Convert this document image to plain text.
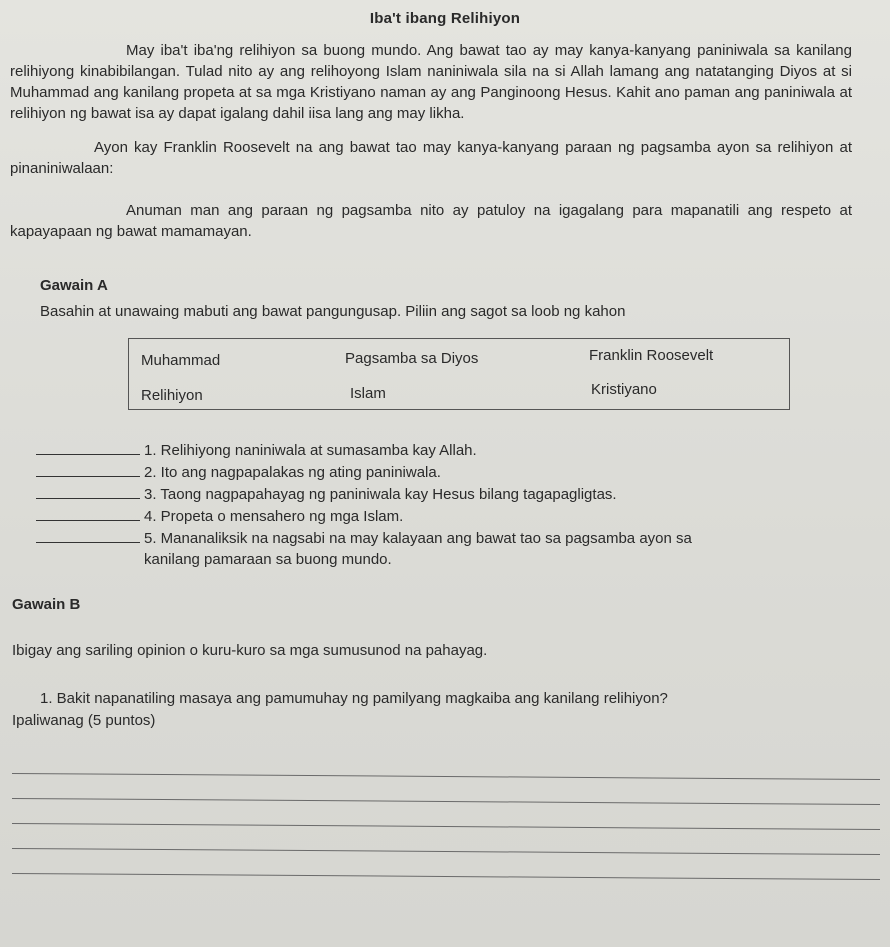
Iba't ibang Relihiyon
May iba't iba'ng relihiyon sa buong mundo. Ang bawat tao ay may kanya-kanyang paniniwala sa kanilang relihiyong kinabibilangan. Tulad nito ay ang relihoyong Islam naniniwala sila na si Allah lamang ang natatanging Diyos at si Muhammad ang kanilang propeta at sa mga Kristiyano naman ay ang Panginoong Hesus. Kahit ano paman ang paniniwala at relihiyon ng bawat isa ay dapat igalang dahil iisa lang ang may likha.
Ayon kay Franklin Roosevelt na ang bawat tao may kanya-kanyang paraan ng pagsamba ayon sa relihiyon at pinaniniwalaan:
Anuman man ang paraan ng pagsamba nito ay patuloy na igagalang para mapanatili ang respeto at kapayapaan ng bawat mamamayan.
Gawain A
Basahin at unawaing mabuti ang bawat pangungusap. Piliin ang sagot sa loob ng kahon
Muhammad	Pagsamba sa Diyos	Franklin Roosevelt
Relihiyon	Islam	Kristiyano
1. Relihiyong naniniwala at sumasamba kay Allah.
2. Ito ang nagpapalakas ng ating paniniwala.
3. Taong nagpapahayag ng paniniwala kay Hesus bilang tagapagligtas.
4. Propeta o mensahero ng mga Islam.
5. Mananaliksik na nagsabi na may kalayaan ang bawat tao sa pagsamba ayon sa
kanilang pamaraan sa buong mundo.
Gawain B
Ibigay ang sariling opinion o kuru-kuro sa mga sumusunod na pahayag.
1. Bakit napanatiling masaya ang pamumuhay ng pamilyang magkaiba ang kanilang relihiyon?
Ipaliwanag (5 puntos)
